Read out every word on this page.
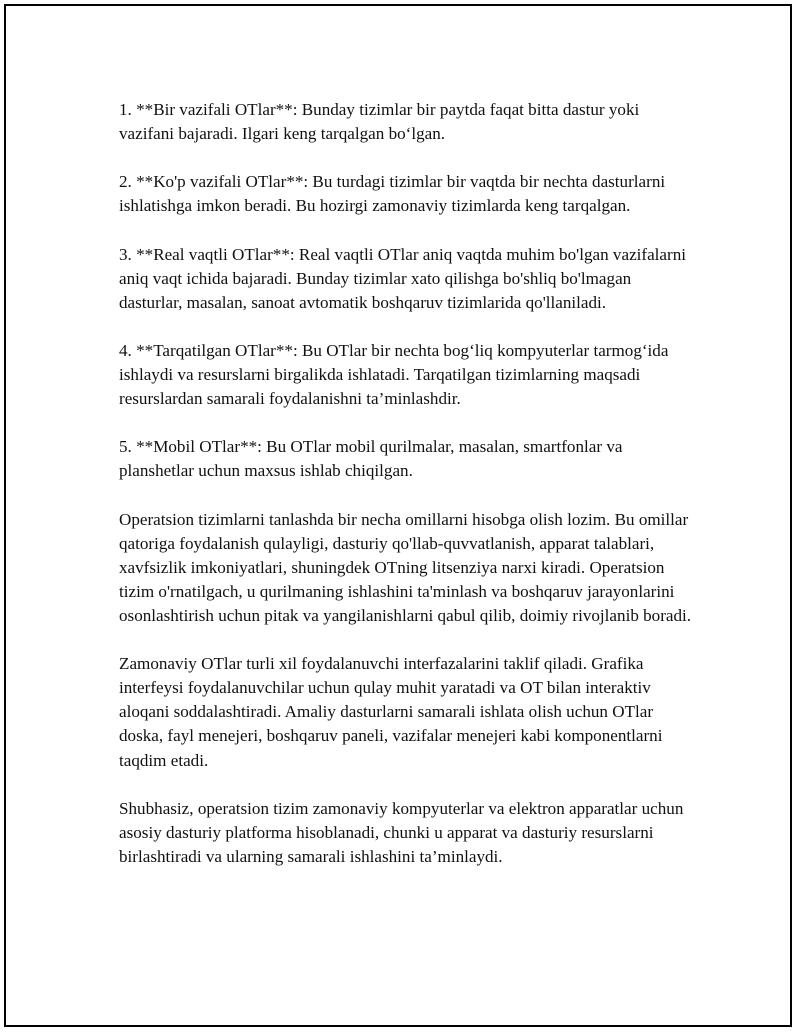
1. **Bir vazifali OTlar**: Bunday tizimlar bir paytda faqat bitta dastur yoki vazifani bajaradi. Ilgari keng tarqalgan bo‘lgan.

2. **Ko'p vazifali OTlar**: Bu turdagi tizimlar bir vaqtda bir nechta dasturlarni ishlatishga imkon beradi. Bu hozirgi zamonaviy tizimlarda keng tarqalgan.

3. **Real vaqtli OTlar**: Real vaqtli OTlar aniq vaqtda muhim bo'lgan vazifalarni aniq vaqt ichida bajaradi. Bunday tizimlar xato qilishga bo'shliq bo'lmagan dasturlar, masalan, sanoat avtomatik boshqaruv tizimlarida qo'llaniladi.

4. **Tarqatilgan OTlar**: Bu OTlar bir nechta bog‘liq kompyuterlar tarmog‘ida ishlaydi va resurslarni birgalikda ishlatadi. Tarqatilgan tizimlarning maqsadi resurslardan samarali foydalanishni ta’minlashdir.

5. **Mobil OTlar**: Bu OTlar mobil qurilmalar, masalan, smartfonlar va planshetlar uchun maxsus ishlab chiqilgan.

Operatsion tizimlarni tanlashda bir necha omillarni hisobga olish lozim. Bu omillar qatoriga foydalanish qulayligi, dasturiy qo'llab-quvvatlanish, apparat talablari, xavfsizlik imkoniyatlari, shuningdek OTning litsenziya narxi kiradi. Operatsion tizim o'rnatilgach, u qurilmaning ishlashini ta'minlash va boshqaruv jarayonlarini osonlashtirish uchun pitak va yangilanishlarni qabul qilib, doimiy rivojlanib boradi.

Zamonaviy OTlar turli xil foydalanuvchi interfazalarini taklif qiladi. Grafika interfeysi foydalanuvchilar uchun qulay muhit yaratadi va OT bilan interaktiv aloqani soddalashtiradi. Amaliy dasturlarni samarali ishlata olish uchun OTlar doska, fayl menejeri, boshqaruv paneli, vazifalar menejeri kabi komponentlarni taqdim etadi.

Shubhasiz, operatsion tizim zamonaviy kompyuterlar va elektron apparatlar uchun asosiy dasturiy platforma hisoblanadi, chunki u apparat va dasturiy resurslarni birlashtiradi va ularning samarali ishlashini ta’minlaydi.
